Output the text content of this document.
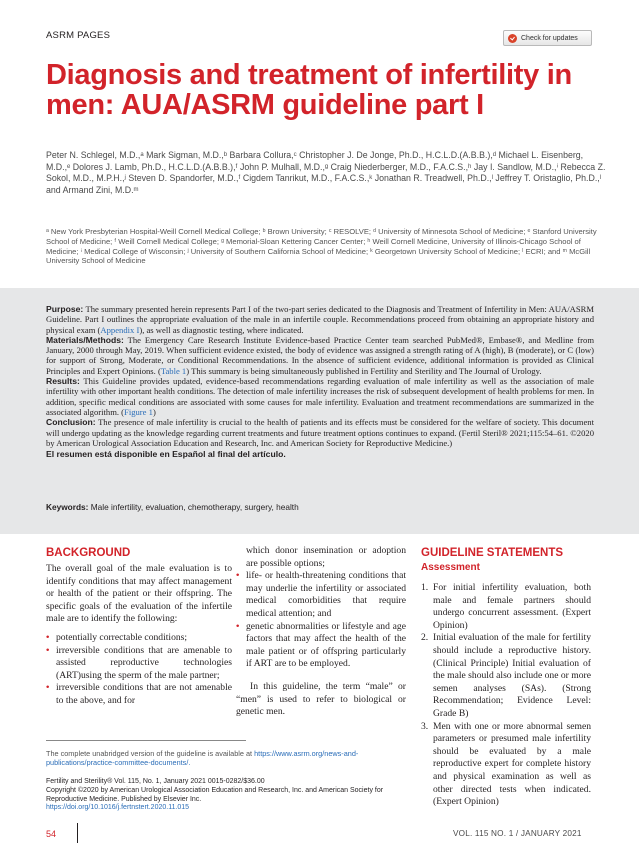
ASRM PAGES	Check for updates
Diagnosis and treatment of infertility in men: AUA/ASRM guideline part I
Peter N. Schlegel, M.D.,ᵃ Mark Sigman, M.D.,ᵇ Barbara Collura,ᶜ Christopher J. De Jonge, Ph.D., H.C.L.D.(A.B.B.),ᵈ Michael L. Eisenberg, M.D.,ᵉ Dolores J. Lamb, Ph.D., H.C.L.D.(A.B.B.),ᶠ John P. Mulhall, M.D.,ᵍ Craig Niederberger, M.D., F.A.C.S.,ʰ Jay I. Sandlow, M.D.,ⁱ Rebecca Z. Sokol, M.D., M.P.H.,ʲ Steven D. Spandorfer, M.D.,ᶠ Cigdem Tanrikut, M.D., F.A.C.S.,ᵏ Jonathan R. Treadwell, Ph.D.,ˡ Jeffrey T. Oristaglio, Ph.D.,ˡ and Armand Zini, M.D.ᵐ
ᵃ New York Presbyterian Hospital-Weill Cornell Medical College; ᵇ Brown University; ᶜ RESOLVE; ᵈ University of Minnesota School of Medicine; ᵉ Stanford University School of Medicine; ᶠ Weill Cornell Medical College; ᵍ Memorial-Sloan Kettering Cancer Center; ʰ Weill Cornell Medicine, University of Illinois-Chicago School of Medicine; ⁱ Medical College of Wisconsin; ʲ University of Southern California School of Medicine; ᵏ Georgetown University School of Medicine; ˡ ECRI; and ᵐ McGill University School of Medicine

Purpose: The summary presented herein represents Part I of the two-part series dedicated to the Diagnosis and Treatment of Infertility in Men: AUA/ASRM Guideline. Part I outlines the appropriate evaluation of the male in an infertile couple. Recommendations proceed from obtaining an appropriate history and physical exam (Appendix I), as well as diagnostic testing, where indicated.

Materials/Methods: The Emergency Care Research Institute Evidence-based Practice Center team searched PubMed®, Embase®, and Medline from January, 2000 through May, 2019. When sufficient evidence existed, the body of evidence was assigned a strength rating of A (high), B (moderate), or C (low) for support of Strong, Moderate, or Conditional Recommendations. In the absence of sufficient evidence, additional information is provided as Clinical Principles and Expert Opinions. (Table 1) This summary is being simultaneously published in Fertility and Sterility and The Journal of Urology.

Results: This Guideline provides updated, evidence-based recommendations regarding evaluation of male infertility as well as the association of male infertility with other important health conditions. The detection of male infertility increases the risk of subsequent development of health problems for men. In addition, specific medical conditions are associated with some causes for male infertility. Evaluation and treatment recommendations are summarized in the associated algorithm. (Figure 1)

Conclusion: The presence of male infertility is crucial to the health of patients and its effects must be considered for the welfare of society. This document will undergo updating as the knowledge regarding current treatments and future treatment options continues to expand. (Fertil Steril® 2021;115:54–61. ©2020 by American Urological Association Education and Research, Inc. and American Society for Reproductive Medicine.)

El resumen está disponible en Español al final del artículo.

Keywords: Male infertility, evaluation, chemotherapy, surgery, health
BACKGROUND

The overall goal of the male evaluation is to identify conditions that may affect management or health of the patient or their offspring. The specific goals of the evaluation of the infertile male are to identify the following:

• potentially correctable conditions;
• irreversible conditions that are amenable to assisted reproductive technologies (ART)using the sperm of the male partner;
• irreversible conditions that are not amenable to the above, and for

which donor insemination or adoption are possible options;

• life- or health-threatening conditions that may underlie the infertility or associated medical comorbidities that require medical attention; and
• genetic abnormalities or lifestyle and age factors that may affect the health of the male patient or of offspring particularly if ART are to be employed.

In this guideline, the term “male” or “men” is used to refer to biological or genetic men.

GUIDELINE STATEMENTS
Assessment
1. For initial infertility evaluation, both male and female partners should undergo concurrent assessment. (Expert Opinion)
2. Initial evaluation of the male for fertility should include a reproductive history. (Clinical Principle) Initial evaluation of the male should also include one or more semen analyses (SAs). (Strong Recommendation; Evidence Level: Grade B)
3. Men with one or more abnormal semen parameters or presumed male infertility should be evaluated by a male reproductive expert for complete history and physical examination as well as other directed tests when indicated. (Expert Opinion)
The complete unabridged version of the guideline is available at https://www.asrm.org/news-and-publications/practice-committee-documents/.
Fertility and Sterility® Vol. 115, No. 1, January 2021 0015-0282/$36.00
Copyright ©2020 by American Urological Association Education and Research, Inc. and American Society for Reproductive Medicine. Published by Elsevier Inc.
https://doi.org/10.1016/j.fertnstert.2020.11.015
54	VOL. 115 NO. 1 / JANUARY 2021
